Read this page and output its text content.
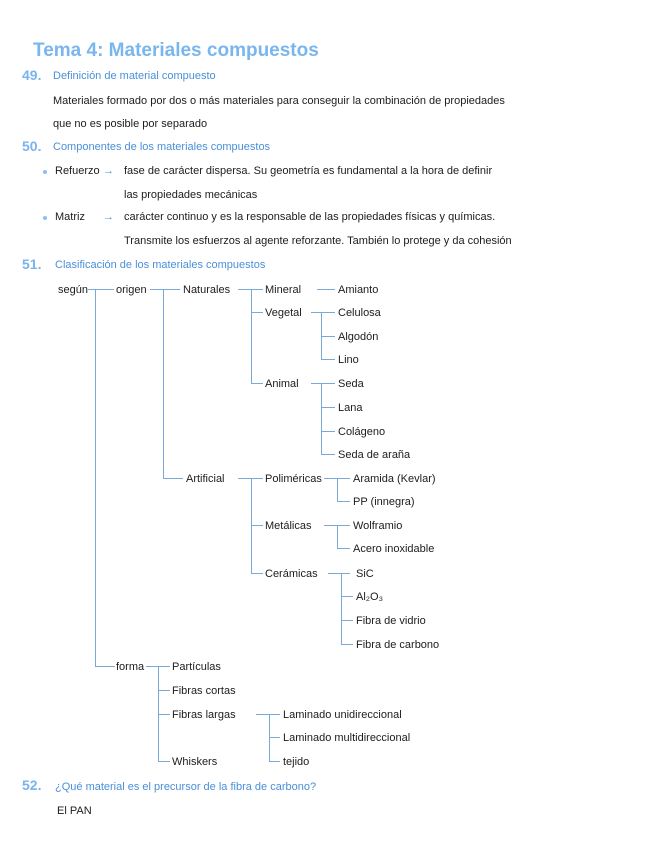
Tema 4: Materiales compuestos
49. Definición de material compuesto
Materiales formado por dos o más materiales para conseguir la combinación de propiedades
que no es posible por separado
50. Componentes de los materiales compuestos
Refuerzo → fase de carácter dispersa. Su geometría es fundamental a la hora de definir
las propiedades mecánicas
Matriz → carácter continuo y es la responsable de las propiedades físicas y químicas.
Transmite los esfuerzos al agente reforzante. También lo protege y da cohesión
51. Clasificación de los materiales compuestos
según	origen	Naturales	Mineral	Amianto
Vegetal	Celulosa
Algodón
Lino
Animal	Seda
Lana
Colágeno
Seda de araña
Artificial	Poliméricas	Aramida (Kevlar)
PP (innegra)
Metálicas	Wolframio
Acero inoxidable
Cerámicas	SiC
Al₂O₃
Fibra de vidrio
Fibra de carbono
forma	Partículas
Fibras cortas
Fibras largas	Laminado unidireccional
Laminado multidireccional
tejido
Whiskers
52. ¿Qué material es el precursor de la fibra de carbono?
El PAN
